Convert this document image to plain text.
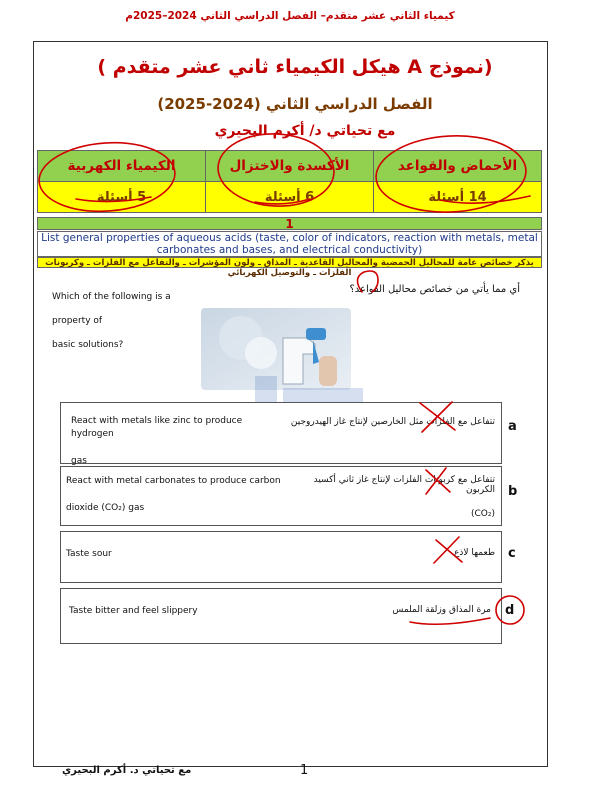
كيمياء الثاني عشر متقدم– الفصل الدراسي الثاني 2024–2025م
(نموذج A هيكل الكيمياء ثاني عشر متقدم )
الفصل الدراسي الثاني (2024-2025)
مع تحياتي د/ أكرم البحيري
الكيمياء الكهربية	الأكسدة والاختزال	الأحماض والقواعد
5 أسئلة	6 أسئلة	14 أسئلة
1
List general properties of aqueous acids (taste, color of indicators, reaction with metals, metal carbonates and bases, and electrical conductivity)
يذكر خصائص عامة للمحاليل الحمضية والمحاليل القاعدية ـ المذاق ـ ولون المؤشرات ـ والتفاعل مع الفلزات ـ وكربونات الفلزات ـ والتوصيل الكهربائي
Which of the following is a property of
basic solutions?
أي مما يأتي من خصائص محاليل القواعد؟
React with metals like zinc to produce hydrogen
gas
تتفاعل مع الفلزات مثل الخارصين لإنتاج غاز الهيدروجين a
React with metal carbonates to produce carbon
dioxide (CO₂) gas
تتفاعل مع كربونات الفلزات لإنتاج غاز ثاني أكسيد الكربون
(CO₂)
b
Taste sour	طعمها لاذع c
Taste bitter and feel slippery	مرة المذاق وزلقة الملمس d
مع تحياتي د. أكرم البحيري	1
